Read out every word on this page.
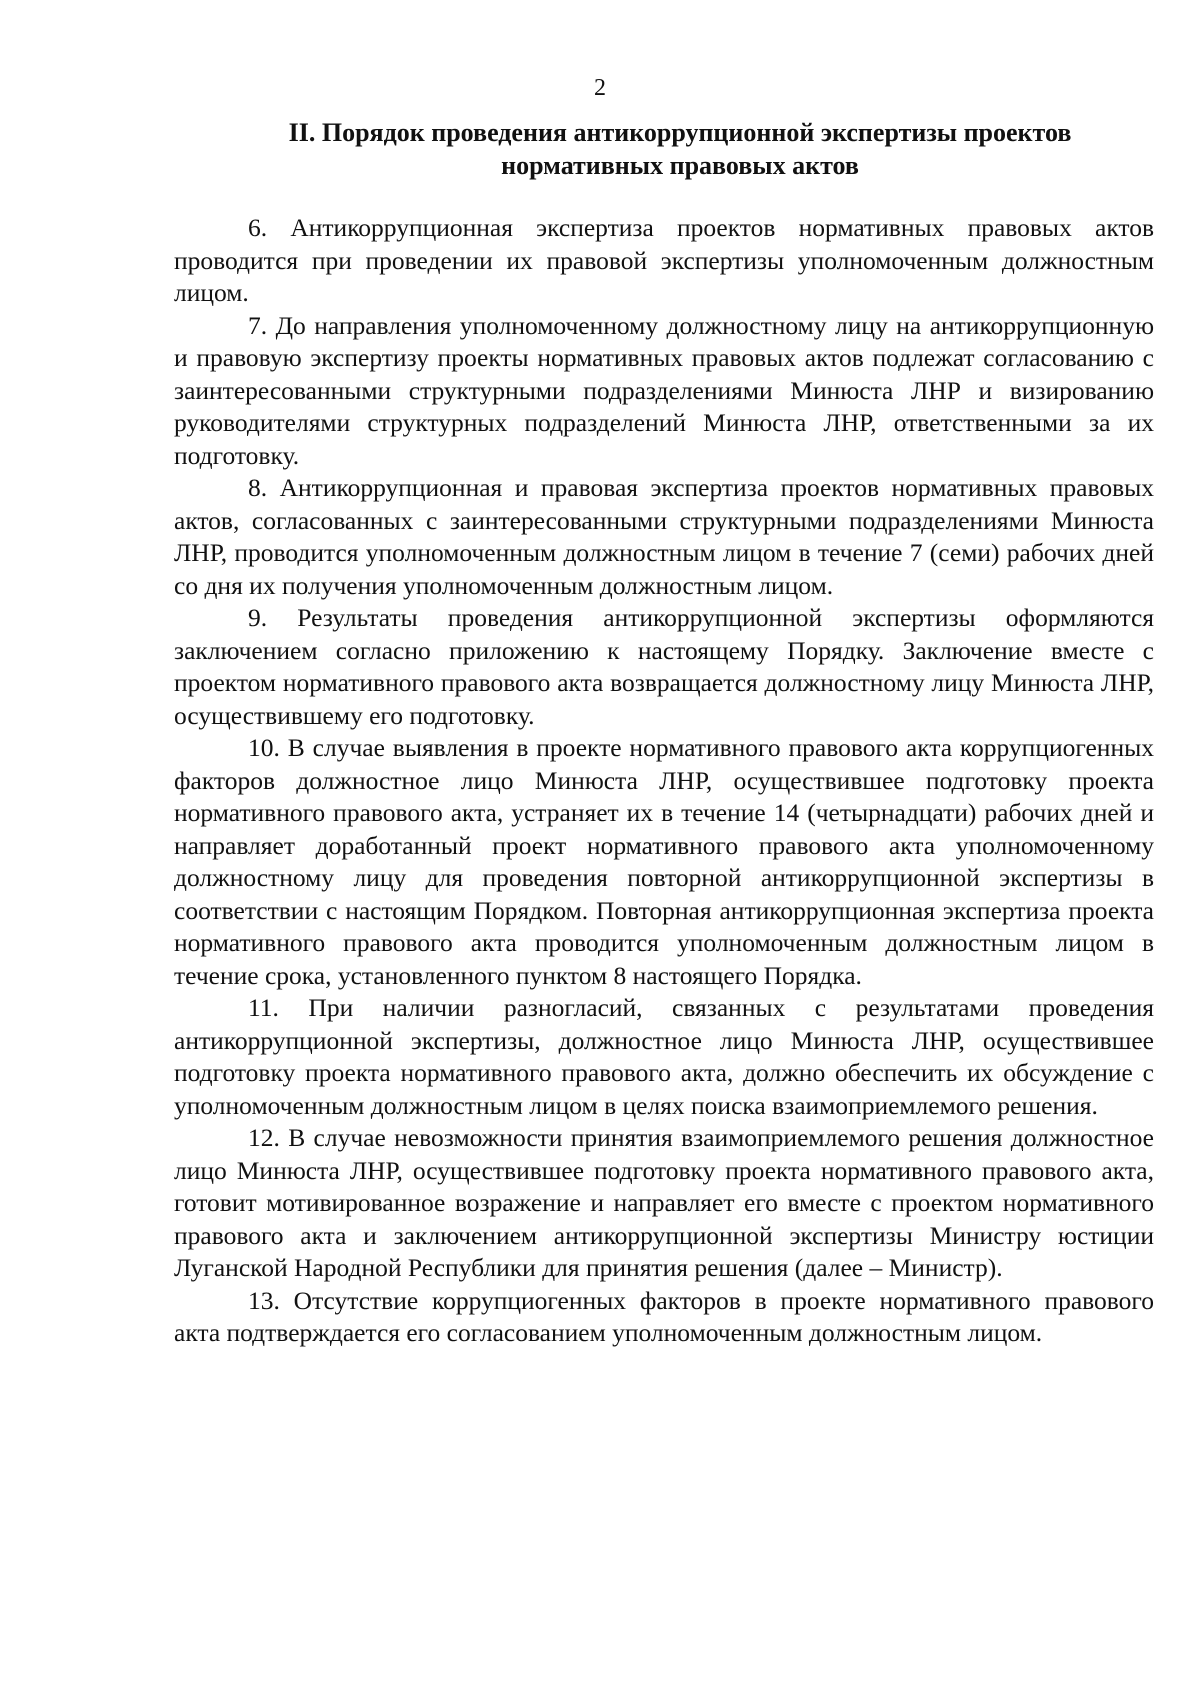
2
II. Порядок проведения антикоррупционной экспертизы проектов
нормативных правовых актов

6. Антикоррупционная экспертиза проектов нормативных правовых актов проводится при проведении их правовой экспертизы уполномоченным должностным лицом.

7. До направления уполномоченному должностному лицу на антикоррупционную и правовую экспертизу проекты нормативных правовых актов подлежат согласованию с заинтересованными структурными подразделениями Минюста ЛНР и визированию руководителями структурных подразделений Минюста ЛНР, ответственными за их подготовку.

8. Антикоррупционная и правовая экспертиза проектов нормативных правовых актов, согласованных с заинтересованными структурными подразделениями Минюста ЛНР, проводится уполномоченным должностным лицом в течение 7 (семи) рабочих дней со дня их получения уполномоченным должностным лицом.

9. Результаты проведения антикоррупционной экспертизы оформляются заключением согласно приложению к настоящему Порядку. Заключение вместе с проектом нормативного правового акта возвращается должностному лицу Минюста ЛНР, осуществившему его подготовку.

10. В случае выявления в проекте нормативного правового акта коррупциогенных факторов должностное лицо Минюста ЛНР, осуществившее подготовку проекта нормативного правового акта, устраняет их в течение 14 (четырнадцати) рабочих дней и направляет доработанный проект нормативного правового акта уполномоченному должностному лицу для проведения повторной антикоррупционной экспертизы в соответствии с настоящим Порядком. Повторная антикоррупционная экспертиза проекта нормативного правового акта проводится уполномоченным должностным лицом в течение срока, установленного пунктом 8 настоящего Порядка.

11. При наличии разногласий, связанных с результатами проведения антикоррупционной экспертизы, должностное лицо Минюста ЛНР, осуществившее подготовку проекта нормативного правового акта, должно обеспечить их обсуждение с уполномоченным должностным лицом в целях поиска взаимоприемлемого решения.

12. В случае невозможности принятия взаимоприемлемого решения должностное лицо Минюста ЛНР, осуществившее подготовку проекта нормативного правового акта, готовит мотивированное возражение и направляет его вместе с проектом нормативного правового акта и заключением антикоррупционной экспертизы Министру юстиции Луганской Народной Республики для принятия решения (далее – Министр).

13. Отсутствие коррупциогенных факторов в проекте нормативного правового акта подтверждается его согласованием уполномоченным должностным лицом.
